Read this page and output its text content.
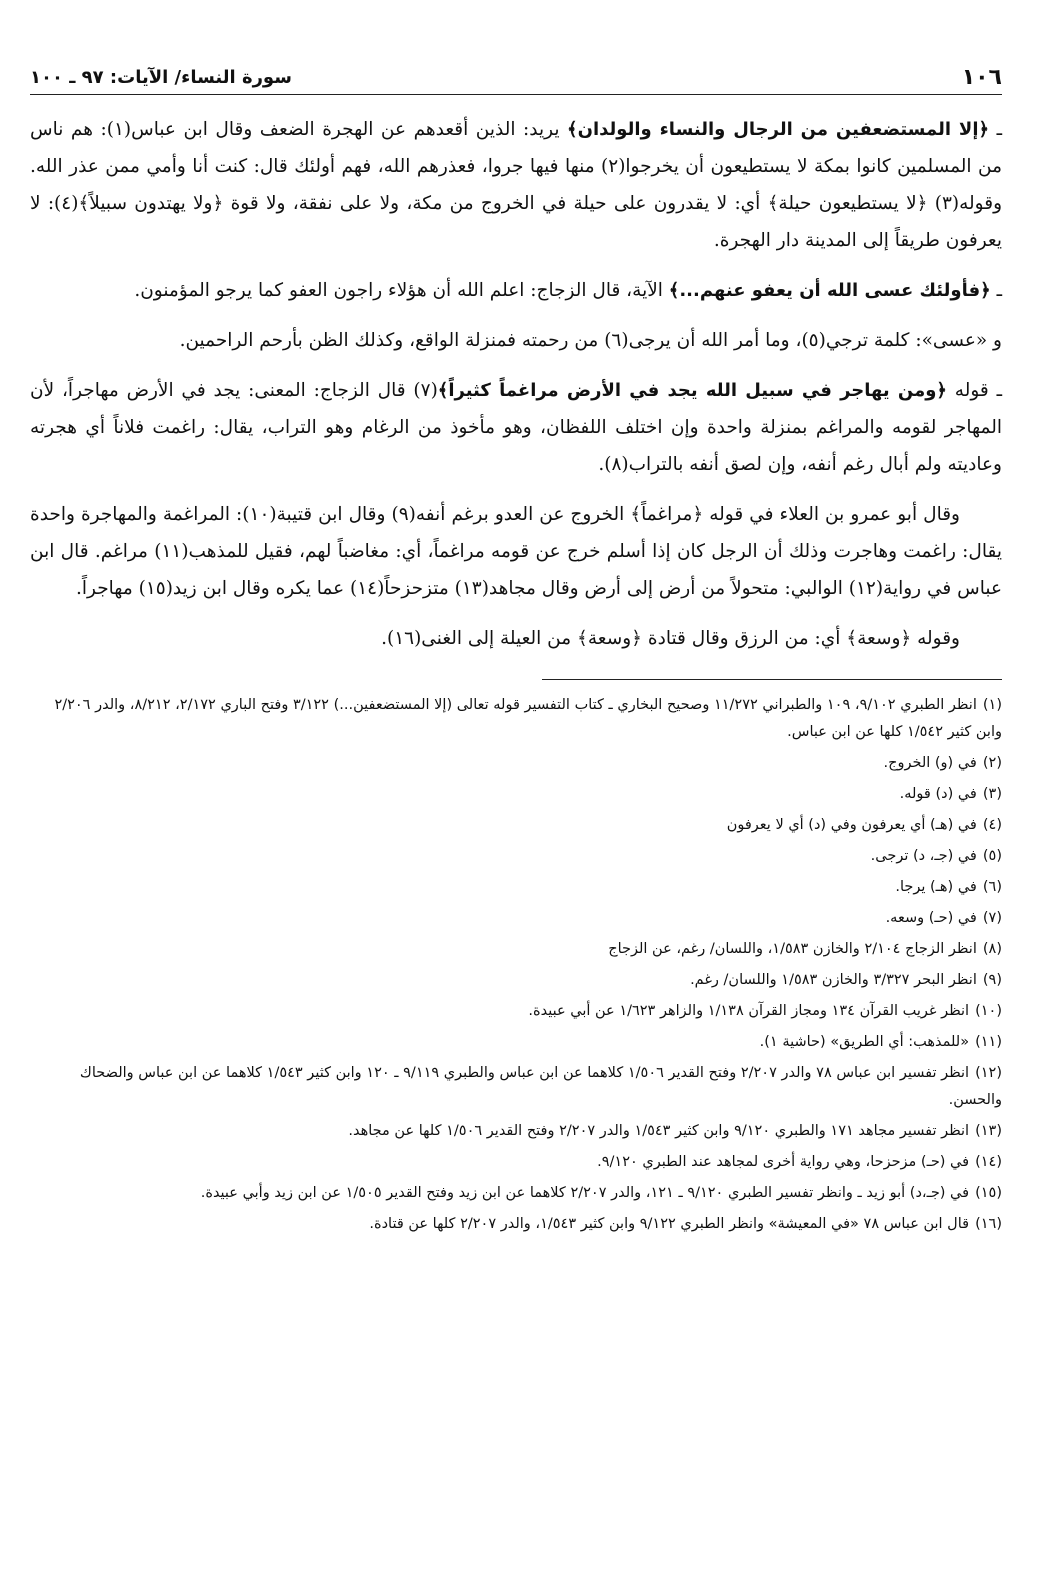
١٠٦
سورة النساء/ الآيات: ٩٧ ـ ١٠٠

ـ ﴿إلا المستضعفين من الرجال والنساء والولدان﴾ يريد: الذين أقعدهم عن الهجرة الضعف وقال ابن عباس(١): هم ناس من المسلمين كانوا بمكة لا يستطيعون أن يخرجوا(٢) منها فيها جروا، فعذرهم الله، فهم أولئك قال: كنت أنا وأمي ممن عذر الله. وقوله(٣) ﴿لا يستطيعون حيلة﴾ أي: لا يقدرون على حيلة في الخروج من مكة، ولا على نفقة، ولا قوة ﴿ولا يهتدون سبيلاً﴾(٤): لا يعرفون طريقاً إلى المدينة دار الهجرة.

ـ ﴿فأولئك عسى الله أن يعفو عنهم...﴾ الآية، قال الزجاج: اعلم الله أن هؤلاء راجون العفو كما يرجو المؤمنون.

و «عسى»: كلمة ترجي(٥)، وما أمر الله أن يرجى(٦) من رحمته فمنزلة الواقع، وكذلك الظن بأرحم الراحمين.

ـ قوله ﴿ومن يهاجر في سبيل الله يجد في الأرض مراغماً كثيراً﴾(٧) قال الزجاج: المعنى: يجد في الأرض مهاجراً، لأن المهاجر لقومه والمراغم بمنزلة واحدة وإن اختلف اللفظان، وهو مأخوذ من الرغام وهو التراب، يقال: راغمت فلاناً أي هجرته وعاديته ولم أبال رغم أنفه، وإن لصق أنفه بالتراب(٨).

وقال أبو عمرو بن العلاء في قوله ﴿مراغماً﴾ الخروج عن العدو برغم أنفه(٩) وقال ابن قتيبة(١٠): المراغمة والمهاجرة واحدة يقال: راغمت وهاجرت وذلك أن الرجل كان إذا أسلم خرج عن قومه مراغماً، أي: مغاضباً لهم، فقيل للمذهب(١١) مراغم. قال ابن عباس في رواية(١٢) الوالبي: متحولاً من أرض إلى أرض وقال مجاهد(١٣) متزحزحاً(١٤) عما يكره وقال ابن زيد(١٥) مهاجراً.

وقوله ﴿وسعة﴾ أي: من الرزق وقال قتادة ﴿وسعة﴾ من العيلة إلى الغنى(١٦).

(١)انظر الطبري ٩/١٠٢، ١٠٩ والطبراني ١١/٢٧٢ وصحيح البخاري ـ كتاب التفسير قوله تعالى (إلا المستضعفين...) ٣/١٢٢ وفتح الباري ٢/١٧٢، ٨/٢١٢، والدر ٢/٢٠٦ وابن كثير ١/٥٤٢ كلها عن ابن عباس.
(٢)في (و) الخروج.
(٣)في (د) قوله.
(٤)في (هـ) أي يعرفون وفي (د) أي لا يعرفون
(٥)في (جـ، د) ترجى.
(٦)في (هـ) يرجا.
(٧)في (حـ) وسعه.
(٨)انظر الزجاج ٢/١٠٤ والخازن ١/٥٨٣، واللسان/ رغم، عن الزجاج
(٩)انظر البحر ٣/٣٢٧ والخازن ١/٥٨٣ واللسان/ رغم.
(١٠)انظر غريب القرآن ١٣٤ ومجاز القرآن ١/١٣٨ والزاهر ١/٦٢٣ عن أبي عبيدة.
(١١)«للمذهب: أي الطريق» (حاشية ١).
(١٢)انظر تفسير ابن عباس ٧٨ والدر ٢/٢٠٧ وفتح القدير ١/٥٠٦ كلاهما عن ابن عباس والطبري ٩/١١٩ ـ ١٢٠ وابن كثير ١/٥٤٣ كلاهما عن ابن عباس والضحاك والحسن.
(١٣)انظر تفسير مجاهد ١٧١ والطبري ٩/١٢٠ وابن كثير ١/٥٤٣ والدر ٢/٢٠٧ وفتح القدير ١/٥٠٦ كلها عن مجاهد.
(١٤)في (حـ) مزحزحا، وهي رواية أخرى لمجاهد عند الطبري ٩/١٢٠.
(١٥)في (جـ،د) أبو زيد ـ وانظر تفسير الطبري ٩/١٢٠ ـ ١٢١، والدر ٢/٢٠٧ كلاهما عن ابن زيد وفتح القدير ١/٥٠٥ عن ابن زيد وأبي عبيدة.
(١٦)قال ابن عباس ٧٨ «في المعيشة» وانظر الطبري ٩/١٢٢ وابن كثير ١/٥٤٣، والدر ٢/٢٠٧ كلها عن قتادة.
